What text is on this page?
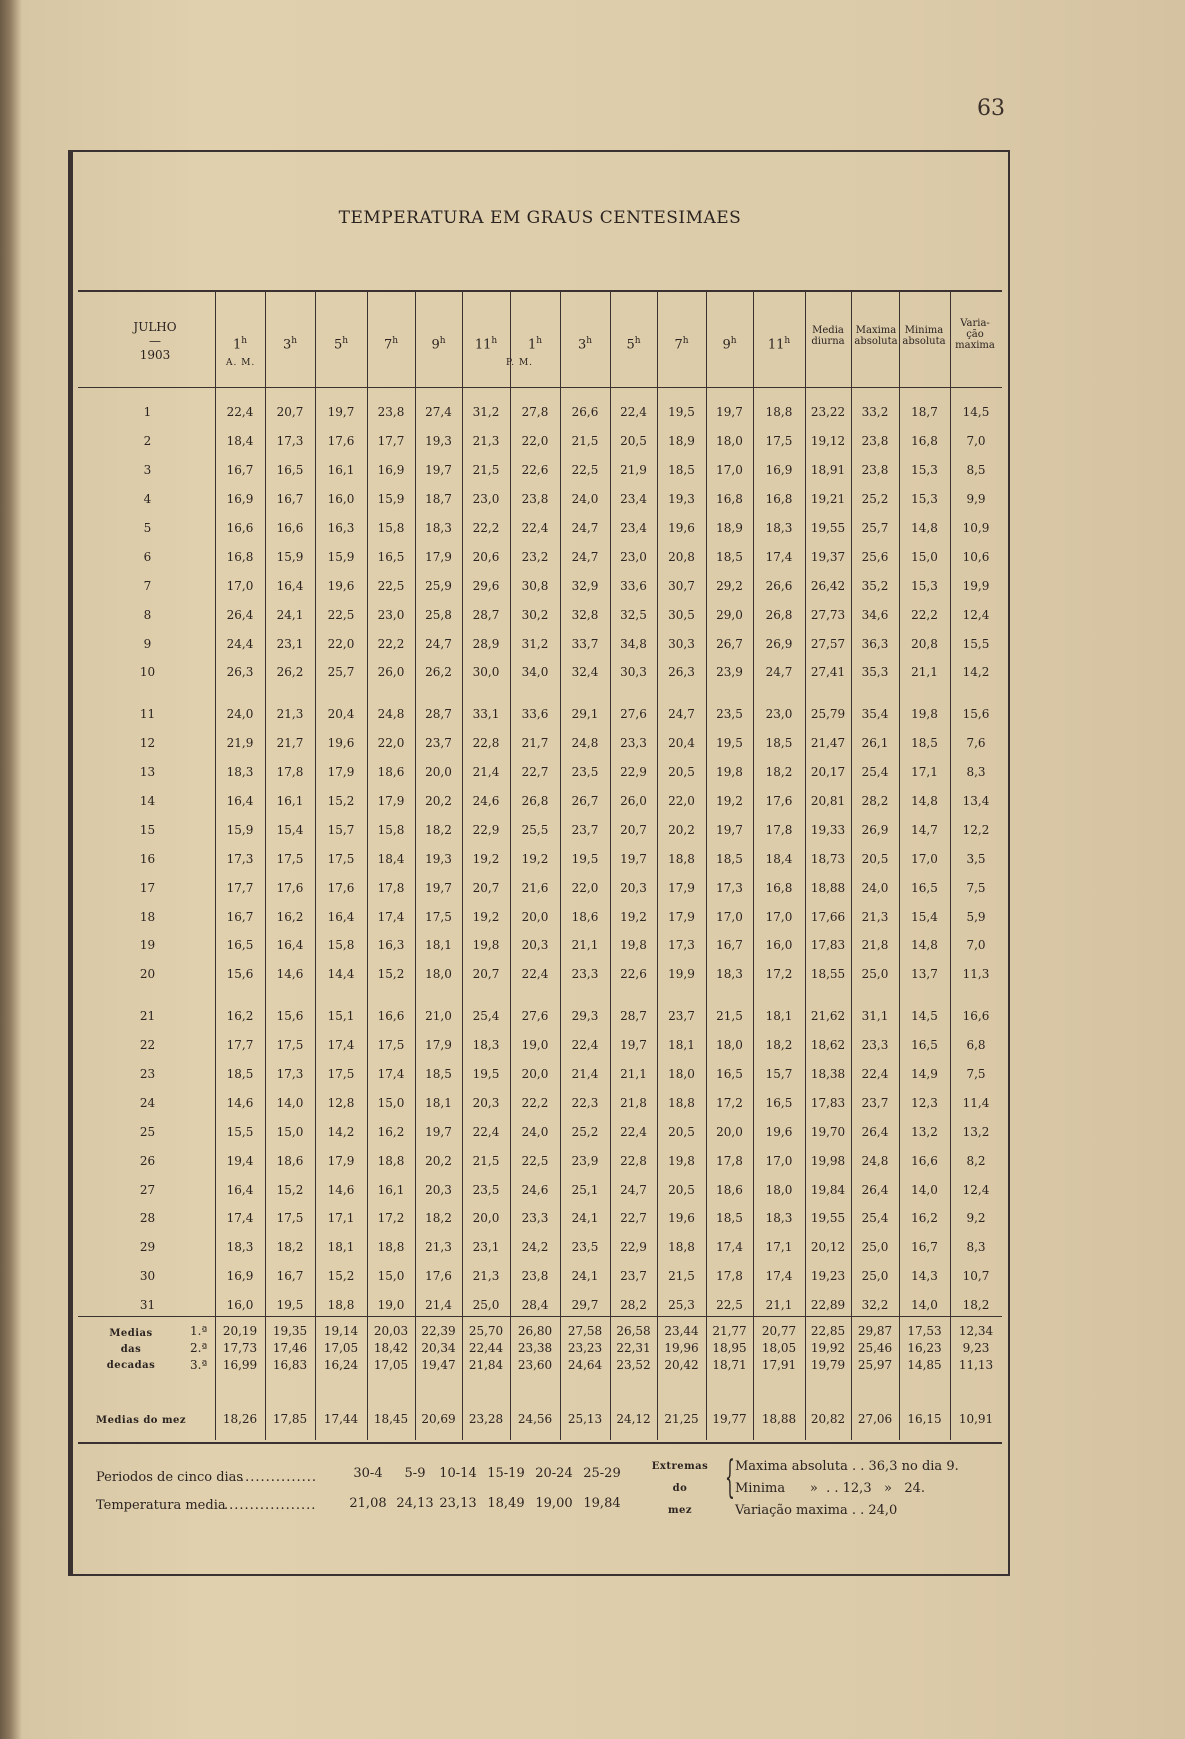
63
TEMPERATURA EM GRAUS CENTESIMAES
JULHO
—
1903
1$^h$	3$^h$	5$^h$	7$^h$	9$^h$	11$^h$	1$^h$	3$^h$	5$^h$	7$^h$	9$^h$	11$^h$
A. M.	P. M.
Media
diurna
Maxima
absoluta
Minima
absoluta
Varia-
ção
maxima
1	22,4	20,7	19,7	23,8	27,4	31,2	27,8	26,6	22,4	19,5	19,7	18,8	23,22	33,2	18,7	14,5
2	18,4	17,3	17,6	17,7	19,3	21,3	22,0	21,5	20,5	18,9	18,0	17,5	19,12	23,8	16,8	7,0
3	16,7	16,5	16,1	16,9	19,7	21,5	22,6	22,5	21,9	18,5	17,0	16,9	18,91	23,8	15,3	8,5
4	16,9	16,7	16,0	15,9	18,7	23,0	23,8	24,0	23,4	19,3	16,8	16,8	19,21	25,2	15,3	9,9
5	16,6	16,6	16,3	15,8	18,3	22,2	22,4	24,7	23,4	19,6	18,9	18,3	19,55	25,7	14,8	10,9
6	16,8	15,9	15,9	16,5	17,9	20,6	23,2	24,7	23,0	20,8	18,5	17,4	19,37	25,6	15,0	10,6
7	17,0	16,4	19,6	22,5	25,9	29,6	30,8	32,9	33,6	30,7	29,2	26,6	26,42	35,2	15,3	19,9
8	26,4	24,1	22,5	23,0	25,8	28,7	30,2	32,8	32,5	30,5	29,0	26,8	27,73	34,6	22,2	12,4
9	24,4	23,1	22,0	22,2	24,7	28,9	31,2	33,7	34,8	30,3	26,7	26,9	27,57	36,3	20,8	15,5
10	26,3	26,2	25,7	26,0	26,2	30,0	34,0	32,4	30,3	26,3	23,9	24,7	27,41	35,3	21,1	14,2

11	24,0	21,3	20,4	24,8	28,7	33,1	33,6	29,1	27,6	24,7	23,5	23,0	25,79	35,4	19,8	15,6
12	21,9	21,7	19,6	22,0	23,7	22,8	21,7	24,8	23,3	20,4	19,5	18,5	21,47	26,1	18,5	7,6
13	18,3	17,8	17,9	18,6	20,0	21,4	22,7	23,5	22,9	20,5	19,8	18,2	20,17	25,4	17,1	8,3
14	16,4	16,1	15,2	17,9	20,2	24,6	26,8	26,7	26,0	22,0	19,2	17,6	20,81	28,2	14,8	13,4
15	15,9	15,4	15,7	15,8	18,2	22,9	25,5	23,7	20,7	20,2	19,7	17,8	19,33	26,9	14,7	12,2
16	17,3	17,5	17,5	18,4	19,3	19,2	19,2	19,5	19,7	18,8	18,5	18,4	18,73	20,5	17,0	3,5
17	17,7	17,6	17,6	17,8	19,7	20,7	21,6	22,0	20,3	17,9	17,3	16,8	18,88	24,0	16,5	7,5
18	16,7	16,2	16,4	17,4	17,5	19,2	20,0	18,6	19,2	17,9	17,0	17,0	17,66	21,3	15,4	5,9
19	16,5	16,4	15,8	16,3	18,1	19,8	20,3	21,1	19,8	17,3	16,7	16,0	17,83	21,8	14,8	7,0
20	15,6	14,6	14,4	15,2	18,0	20,7	22,4	23,3	22,6	19,9	18,3	17,2	18,55	25,0	13,7	11,3

21	16,2	15,6	15,1	16,6	21,0	25,4	27,6	29,3	28,7	23,7	21,5	18,1	21,62	31,1	14,5	16,6
22	17,7	17,5	17,4	17,5	17,9	18,3	19,0	22,4	19,7	18,1	18,0	18,2	18,62	23,3	16,5	6,8
23	18,5	17,3	17,5	17,4	18,5	19,5	20,0	21,4	21,1	18,0	16,5	15,7	18,38	22,4	14,9	7,5
24	14,6	14,0	12,8	15,0	18,1	20,3	22,2	22,3	21,8	18,8	17,2	16,5	17,83	23,7	12,3	11,4
25	15,5	15,0	14,2	16,2	19,7	22,4	24,0	25,2	22,4	20,5	20,0	19,6	19,70	26,4	13,2	13,2
26	19,4	18,6	17,9	18,8	20,2	21,5	22,5	23,9	22,8	19,8	17,8	17,0	19,98	24,8	16,6	8,2
27	16,4	15,2	14,6	16,1	20,3	23,5	24,6	25,1	24,7	20,5	18,6	18,0	19,84	26,4	14,0	12,4
28	17,4	17,5	17,1	17,2	18,2	20,0	23,3	24,1	22,7	19,6	18,5	18,3	19,55	25,4	16,2	9,2
29	18,3	18,2	18,1	18,8	21,3	23,1	24,2	23,5	22,9	18,8	17,4	17,1	20,12	25,0	16,7	8,3
30	16,9	16,7	15,2	15,0	17,6	21,3	23,8	24,1	23,7	21,5	17,8	17,4	19,23	25,0	14,3	10,7
31	16,0	19,5	18,8	19,0	21,4	25,0	28,4	29,7	28,2	25,3	22,5	21,1	22,89	32,2	14,0	18,2
Medias
das
decadas
1.ª
2.ª
3.ª
20,19	19,35	19,14	20,03	22,39	25,70	26,80	27,58	26,58	23,44	21,77	20,77	22,85	29,87	17,53	12,34
17,73	17,46	17,05	18,42	20,34	22,44	23,38	23,23	22,31	19,96	18,95	18,05	19,92	25,46	16,23	9,23
16,99	16,83	16,24	17,05	19,47	21,84	23,60	24,64	23,52	20,42	18,71	17,91	19,79	25,97	14,85	11,13
Medias do mez	18,26	17,85	17,44	18,45	20,69	23,28	24,56	25,13	24,12	21,25	19,77	18,88	20,82	27,06	16,15	10,91
Periodos de cinco dias
...............
Temperatura media
..................
30-4	5-9	10-14 15-19 20-24 25-29
21,08 24,13 23,13 18,49 19,00 19,84
Extremas
do
mez
{ Maxima absoluta . . 36,3 no dia 9.
Minima »  . . 12,3 » 24.
Variação maxima . . 24,0
